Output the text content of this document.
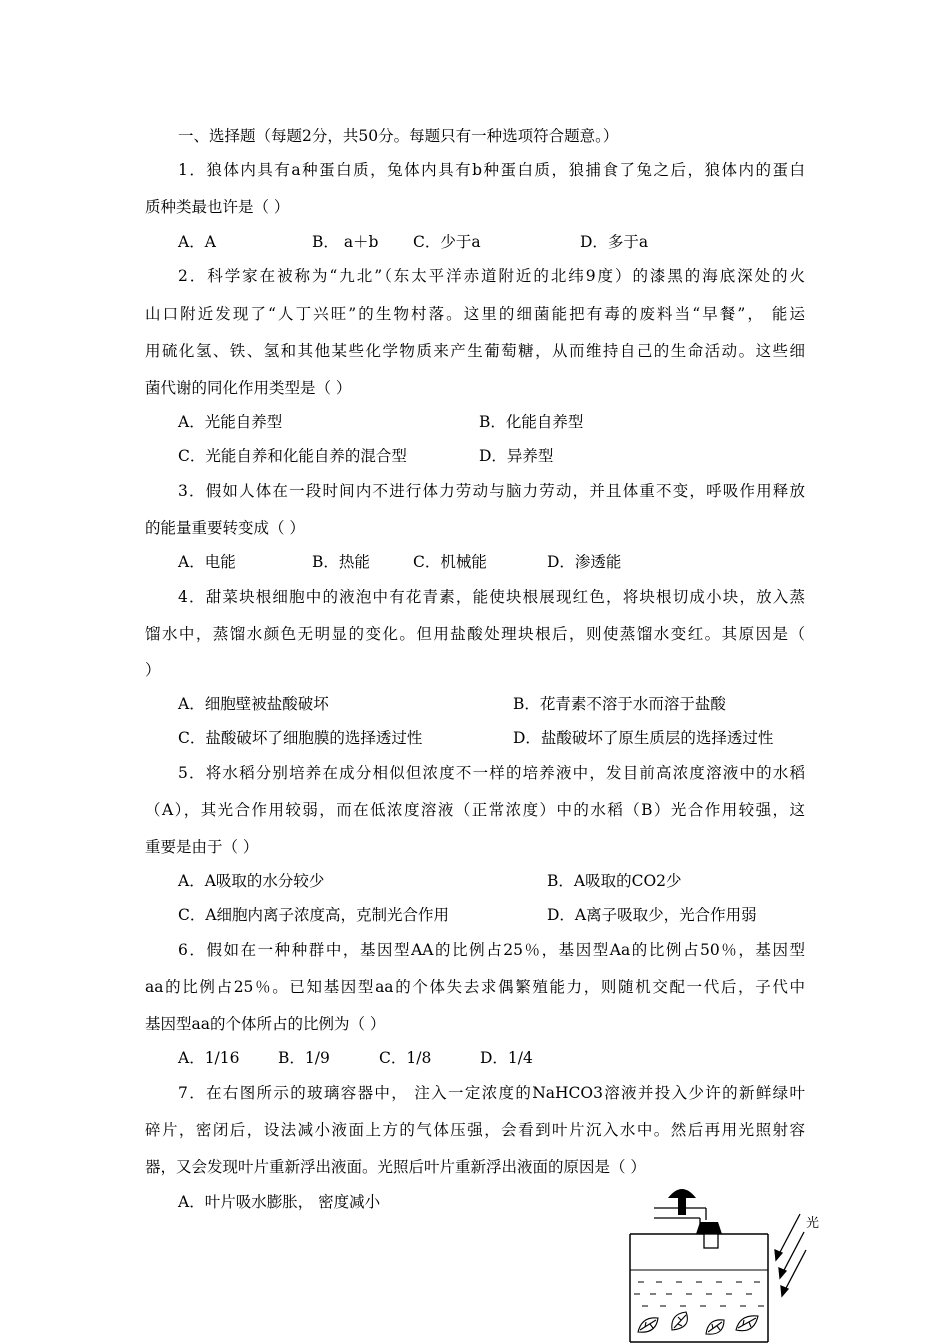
一、选择题（每题2分，共50分。每题只有一种选项符合题意。）
1．狼体内具有a种蛋白质，兔体内具有b种蛋白质，狼捕食了兔之后，狼体内的蛋白
质种类最也许是（ ）
A．A	B． a＋b C．少于a	D．多于a
2．科学家在被称为“九北”（东太平洋赤道附近的北纬9度）的漆黑的海底深处的火
山口附近发现了“人丁兴旺”的生物村落。这里的细菌能把有毒的废料当“早餐”， 能运
用硫化氢、铁、氢和其他某些化学物质来产生葡萄糖，从而维持自己的生命活动。这些细
菌代谢的同化作用类型是（ ）
A．光能自养型	B．化能自养型
C．光能自养和化能自养的混合型	D．异养型
3．假如人体在一段时间内不进行体力劳动与脑力劳动，并且体重不变，呼吸作用释放
的能量重要转变成（ ）
A．电能	B．热能	C．机械能	D．渗透能
4．甜菜块根细胞中的液泡中有花青素，能使块根展现红色，将块根切成小块，放入蒸
馏水中，蒸馏水颜色无明显的变化。但用盐酸处理块根后，则使蒸馏水变红。其原因是（
）
A．细胞壁被盐酸破坏	B．花青素不溶于水而溶于盐酸
C．盐酸破坏了细胞膜的选择透过性	D．盐酸破坏了原生质层的选择透过性
5．将水稻分别培养在成分相似但浓度不一样的培养液中，发目前高浓度溶液中的水稻
（A），其光合作用较弱，而在低浓度溶液（正常浓度）中的水稻（B）光合作用较强，这
重要是由于（ ）
A．A吸取的水分较少	B．A吸取的CO2少
C．A细胞内离子浓度高，克制光合作用	D．A离子吸取少，光合作用弱
6．假如在一种种群中，基因型AA的比例占25％，基因型Aa的比例占50％，基因型
aa的比例占25％。已知基因型aa的个体失去求偶繁殖能力，则随机交配一代后，子代中
基因型aa的个体所占的比例为（ ）
A．1/16 B．1/9	C．1/8	D．1/4
7．在右图所示的玻璃容器中， 注入一定浓度的NaHCO3溶液并投入少许的新鲜绿叶
碎片，密闭后，设法减小液面上方的气体压强，会看到叶片沉入水中。然后再用光照射容
器，又会发现叶片重新浮出液面。光照后叶片重新浮出液面的原因是（ ）
A．叶片吸水膨胀， 密度减小
光
